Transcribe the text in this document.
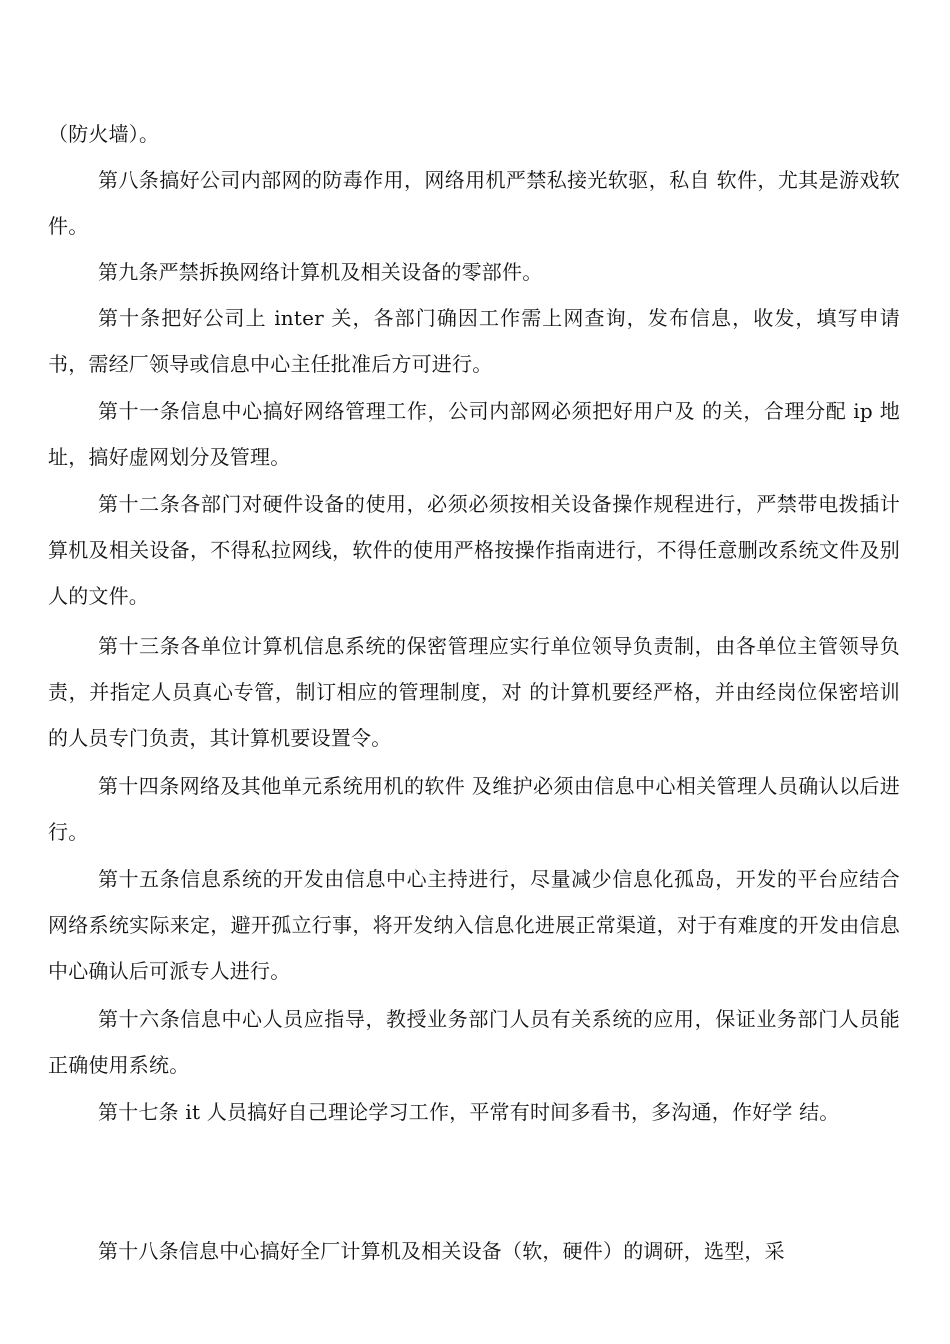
（防火墙）。

第八条搞好公司内部网的防毒作用，网络用机严禁私接光软驱，私自 软件，尤其是游戏软件。

第九条严禁拆换网络计算机及相关设备的零部件。

第十条把好公司上 inter 关，各部门确因工作需上网查询，发布信息，收发，填写申请书，需经厂领导或信息中心主任批准后方可进行。

第十一条信息中心搞好网络管理工作，公司内部网必须把好用户及 的关，合理分配 ip 地址，搞好虚网划分及管理。

第十二条各部门对硬件设备的使用，必须必须按相关设备操作规程进行，严禁带电拨插计算机及相关设备，不得私拉网线，软件的使用严格按操作指南进行，不得任意删改系统文件及别人的文件。

第十三条各单位计算机信息系统的保密管理应实行单位领导负责制，由各单位主管领导负责，并指定人员真心专管，制订相应的管理制度，对 的计算机要经严格，并由经岗位保密培训的人员专门负责，其计算机要设置令。

第十四条网络及其他单元系统用机的软件 及维护必须由信息中心相关管理人员确认以后进行。

第十五条信息系统的开发由信息中心主持进行，尽量减少信息化孤岛，开发的平台应结合网络系统实际来定，避开孤立行事，将开发纳入信息化进展正常渠道，对于有难度的开发由信息中心确认后可派专人进行。

第十六条信息中心人员应指导，教授业务部门人员有关系统的应用，保证业务部门人员能正确使用系统。

第十七条 it 人员搞好自己理论学习工作，平常有时间多看书，多沟通，作好学 结。

第十八条信息中心搞好全厂计算机及相关设备（软，硬件）的调研，选型，采
